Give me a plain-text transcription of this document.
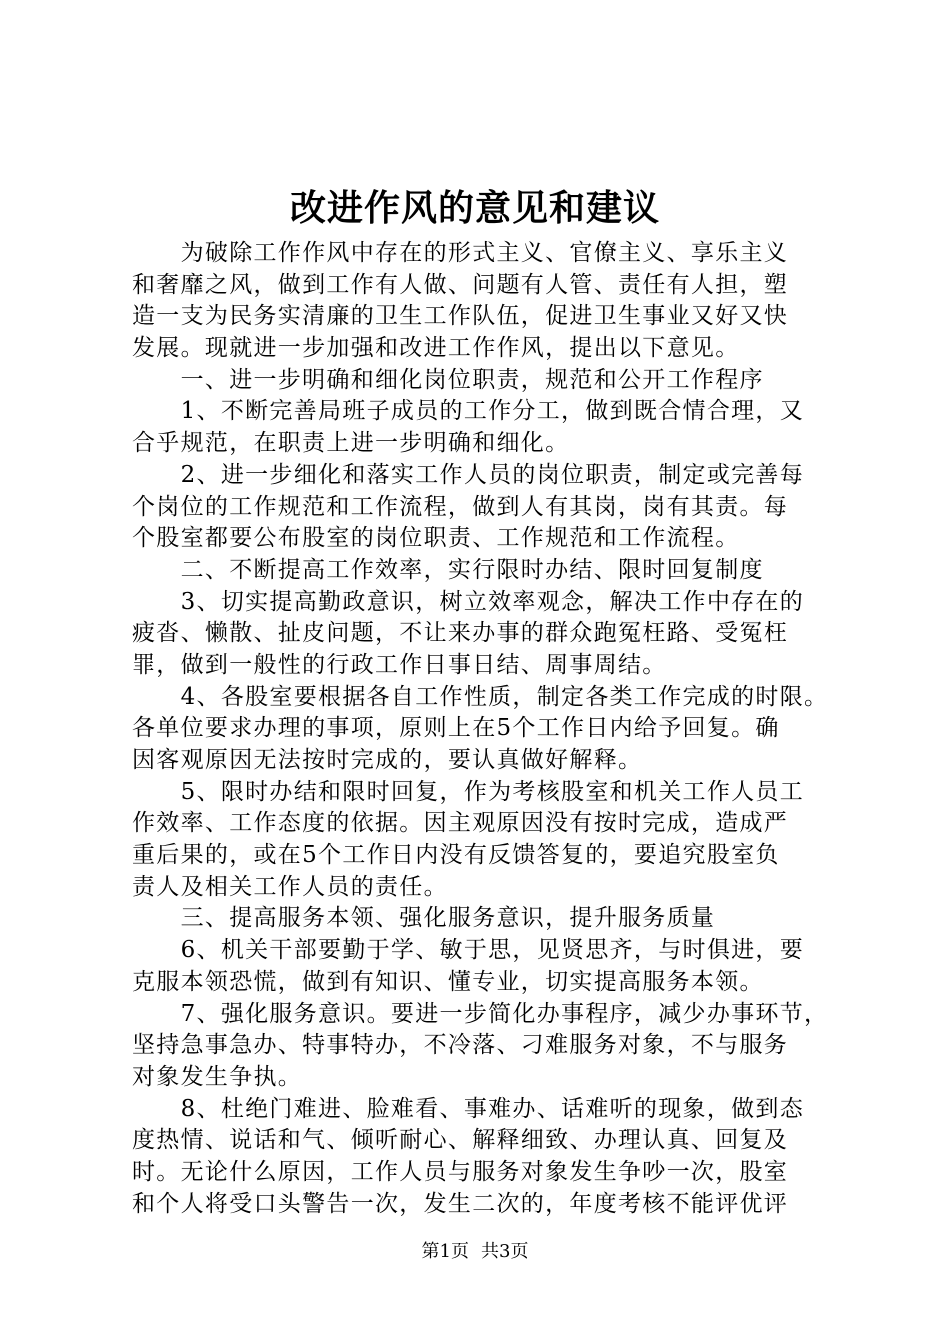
改进作风的意见和建议
　　为破除工作作风中存在的形式主义、官僚主义、享乐主义
和奢靡之风，做到工作有人做、问题有人管、责任有人担，塑
造一支为民务实清廉的卫生工作队伍，促进卫生事业又好又快
发展。现就进一步加强和改进工作作风，提出以下意见。
　　一、进一步明确和细化岗位职责，规范和公开工作程序
　　1、不断完善局班子成员的工作分工，做到既合情合理，又
合乎规范，在职责上进一步明确和细化。
　　2、进一步细化和落实工作人员的岗位职责，制定或完善每
个岗位的工作规范和工作流程，做到人有其岗，岗有其责。每
个股室都要公布股室的岗位职责、工作规范和工作流程。
　　二、不断提高工作效率，实行限时办结、限时回复制度
　　3、切实提高勤政意识，树立效率观念，解决工作中存在的
疲沓、懒散、扯皮问题，不让来办事的群众跑冤枉路、受冤枉
罪，做到一般性的行政工作日事日结、周事周结。
　　4、各股室要根据各自工作性质，制定各类工作完成的时限。
各单位要求办理的事项，原则上在5个工作日内给予回复。确
因客观原因无法按时完成的，要认真做好解释。
　　5、限时办结和限时回复，作为考核股室和机关工作人员工
作效率、工作态度的依据。因主观原因没有按时完成，造成严
重后果的，或在5个工作日内没有反馈答复的，要追究股室负
责人及相关工作人员的责任。
　　三、提高服务本领、强化服务意识，提升服务质量
　　6、机关干部要勤于学、敏于思，见贤思齐，与时俱进，要
克服本领恐慌，做到有知识、懂专业，切实提高服务本领。
　　7、强化服务意识。要进一步简化办事程序，减少办事环节，
坚持急事急办、特事特办，不冷落、刁难服务对象，不与服务
对象发生争执。
　　8、杜绝门难进、脸难看、事难办、话难听的现象，做到态
度热情、说话和气、倾听耐心、解释细致、办理认真、回复及
时。无论什么原因，工作人员与服务对象发生争吵一次，股室
和个人将受口头警告一次，发生二次的，年度考核不能评优评
第1页 共3页
